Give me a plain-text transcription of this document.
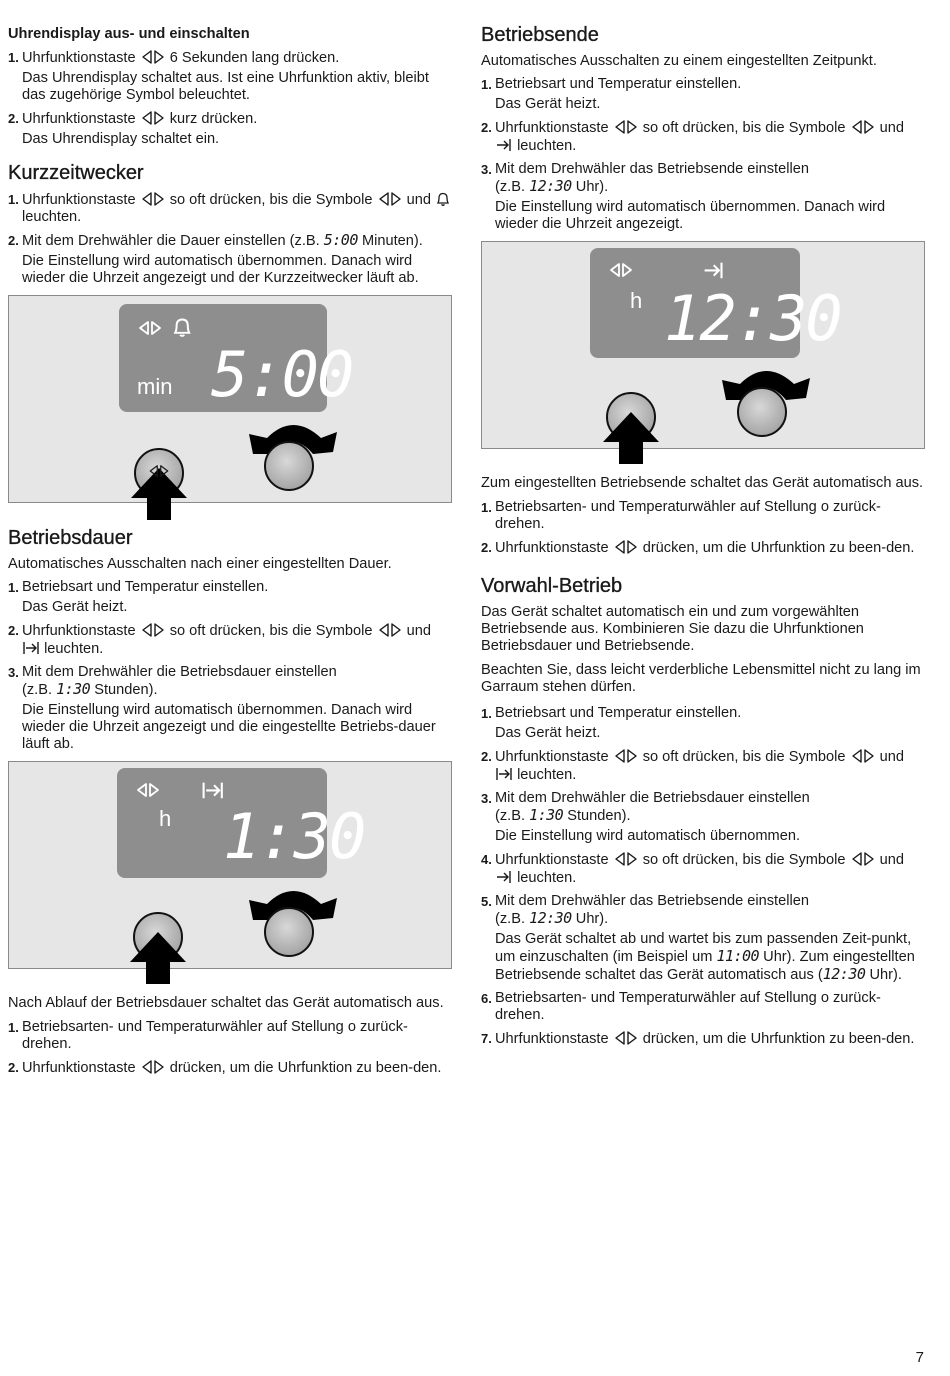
Uhrendisplay aus- und einschalten
1. Uhrfunktionstaste 6 Sekunden lang drücken.
Das Uhrendisplay schaltet aus. Ist eine Uhrfunktion aktiv, bleibt das zugehörige Symbol beleuchtet.
2. Uhrfunktionstaste kurz drücken.
Das Uhrendisplay schaltet ein.
Kurzzeitwecker
1. Uhrfunktionstaste so oft drücken, bis die Symbole und  leuchten.
2. Mit dem Drehwähler die Dauer einstellen (z.B. 5:00 Minuten).
Die Einstellung wird automatisch übernommen. Danach wird wieder die Uhrzeit angezeigt und der Kurzzeitwecker läuft ab.
min 5:00
Betriebsdauer
Automatisches Ausschalten nach einer eingestellten Dauer.
1. Betriebsart und Temperatur einstellen.
Das Gerät heizt.
2. Uhrfunktionstaste so oft drücken, bis die Symbole und  leuchten.
3. Mit dem Drehwähler die Betriebsdauer einstellen
(z.B. 1:30 Stunden).
Die Einstellung wird automatisch übernommen. Danach wird wieder die Uhrzeit angezeigt und die eingestellte Betriebs-dauer läuft ab.
h 1:30
Nach Ablauf der Betriebsdauer schaltet das Gerät automatisch aus.
1. Betriebsarten- und Temperaturwähler auf Stellung o zurück-drehen.
2. Uhrfunktionstaste drücken, um die Uhrfunktion zu been-den.
Betriebsende
Automatisches Ausschalten zu einem eingestellten Zeitpunkt.
1. Betriebsart und Temperatur einstellen.
Das Gerät heizt.
2. Uhrfunktionstaste so oft drücken, bis die Symbole und  leuchten.
3. Mit dem Drehwähler das Betriebsende einstellen
(z.B. 12:30 Uhr).
Die Einstellung wird automatisch übernommen. Danach wird wieder die Uhrzeit angezeigt.
h 12:30
Zum eingestellten Betriebsende schaltet das Gerät automatisch aus.
1. Betriebsarten- und Temperaturwähler auf Stellung o zurück-drehen.
2. Uhrfunktionstaste drücken, um die Uhrfunktion zu been-den.
Vorwahl-Betrieb
Das Gerät schaltet automatisch ein und zum vorgewählten Betriebsende aus. Kombinieren Sie dazu die Uhrfunktionen Betriebsdauer und Betriebsende.
Beachten Sie, dass leicht verderbliche Lebensmittel nicht zu lang im Garraum stehen dürfen.
1. Betriebsart und Temperatur einstellen.
Das Gerät heizt.
2. Uhrfunktionstaste so oft drücken, bis die Symbole und  leuchten.
3. Mit dem Drehwähler die Betriebsdauer einstellen
(z.B. 1:30 Stunden).
Die Einstellung wird automatisch übernommen.
4. Uhrfunktionstaste so oft drücken, bis die Symbole und  leuchten.
5. Mit dem Drehwähler das Betriebsende einstellen
(z.B. 12:30 Uhr).
Das Gerät schaltet ab und wartet bis zum passenden Zeit-punkt, um einzuschalten (im Beispiel um 11:00 Uhr). Zum eingestellten Betriebsende schaltet das Gerät automatisch aus (12:30 Uhr).
6. Betriebsarten- und Temperaturwähler auf Stellung o zurück-drehen.
7. Uhrfunktionstaste drücken, um die Uhrfunktion zu been-den.
7
